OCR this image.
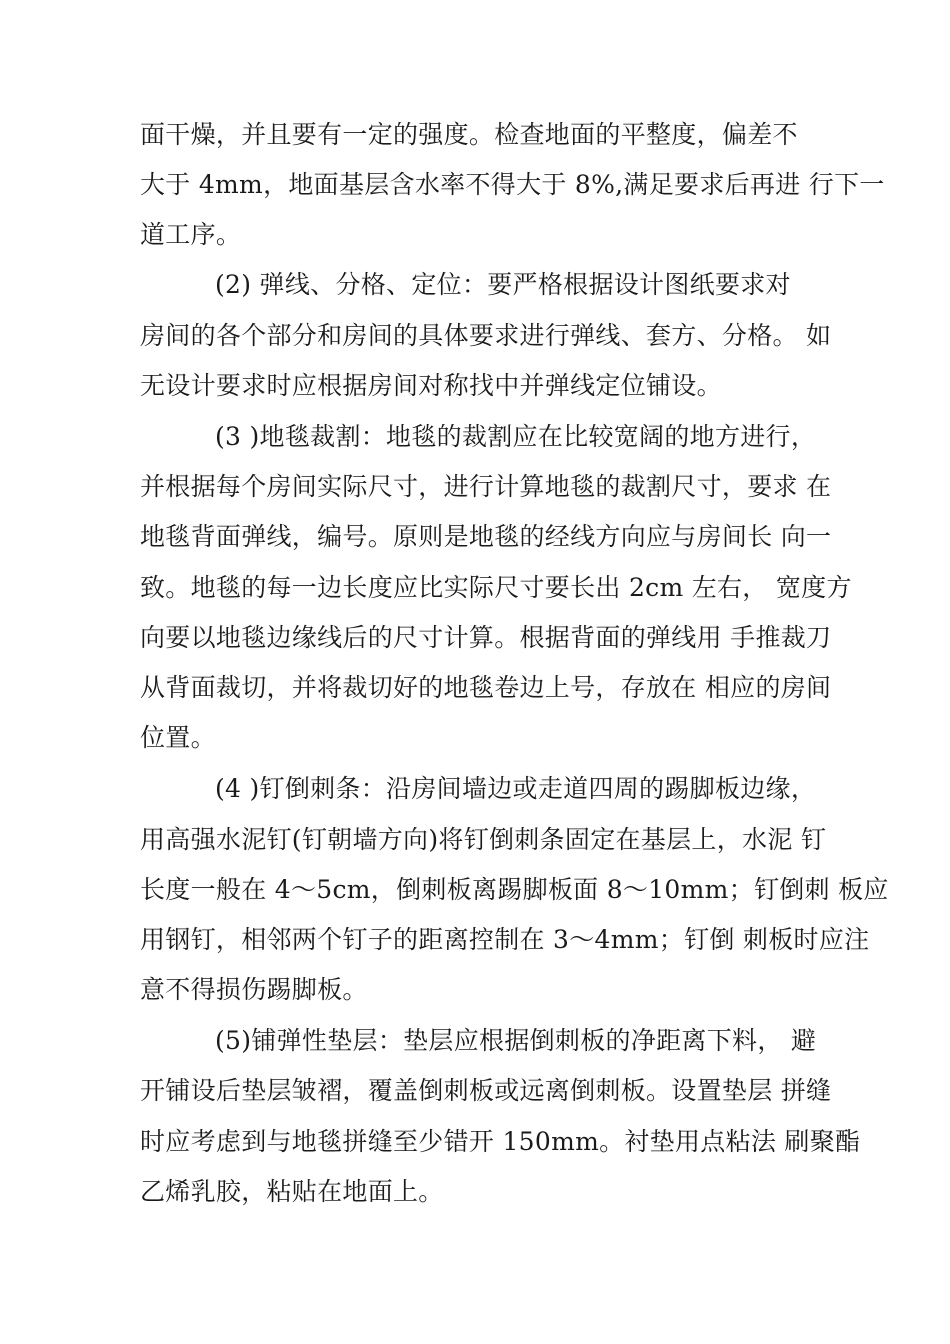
面干燥，并且要有一定的强度。检查地面的平整度，偏差不
大于 4mm，地面基层含水率不得大于 8%,满足要求后再进 行下一
道工序。
(2) 弹线、分格、定位：要严格根据设计图纸要求对
房间的各个部分和房间的具体要求进行弹线、套方、分格。 如
无设计要求时应根据房间对称找中并弹线定位铺设。
(3 )地毯裁割：地毯的裁割应在比较宽阔的地方进行，
并根据每个房间实际尺寸，进行计算地毯的裁割尺寸，要求 在
地毯背面弹线，编号。原则是地毯的经线方向应与房间长 向一
致。地毯的每一边长度应比实际尺寸要长出 2cm 左右， 宽度方
向要以地毯边缘线后的尺寸计算。根据背面的弹线用 手推裁刀
从背面裁切，并将裁切好的地毯卷边上号，存放在 相应的房间
位置。
(4 )钉倒刺条：沿房间墙边或走道四周的踢脚板边缘，
用高强水泥钉(钉朝墙方向)将钉倒刺条固定在基层上，水泥 钉
长度一般在 4〜5cm，倒刺板离踢脚板面 8〜10mm；钉倒刺 板应
用钢钉，相邻两个钉子的距离控制在 3〜4mm；钉倒 刺板时应注
意不得损伤踢脚板。
(5)铺弹性垫层：垫层应根据倒刺板的净距离下料， 避
开铺设后垫层皱褶，覆盖倒刺板或远离倒刺板。设置垫层 拼缝
时应考虑到与地毯拼缝至少错开 150mm。衬垫用点粘法 刷聚酯
乙烯乳胶，粘贴在地面上。
